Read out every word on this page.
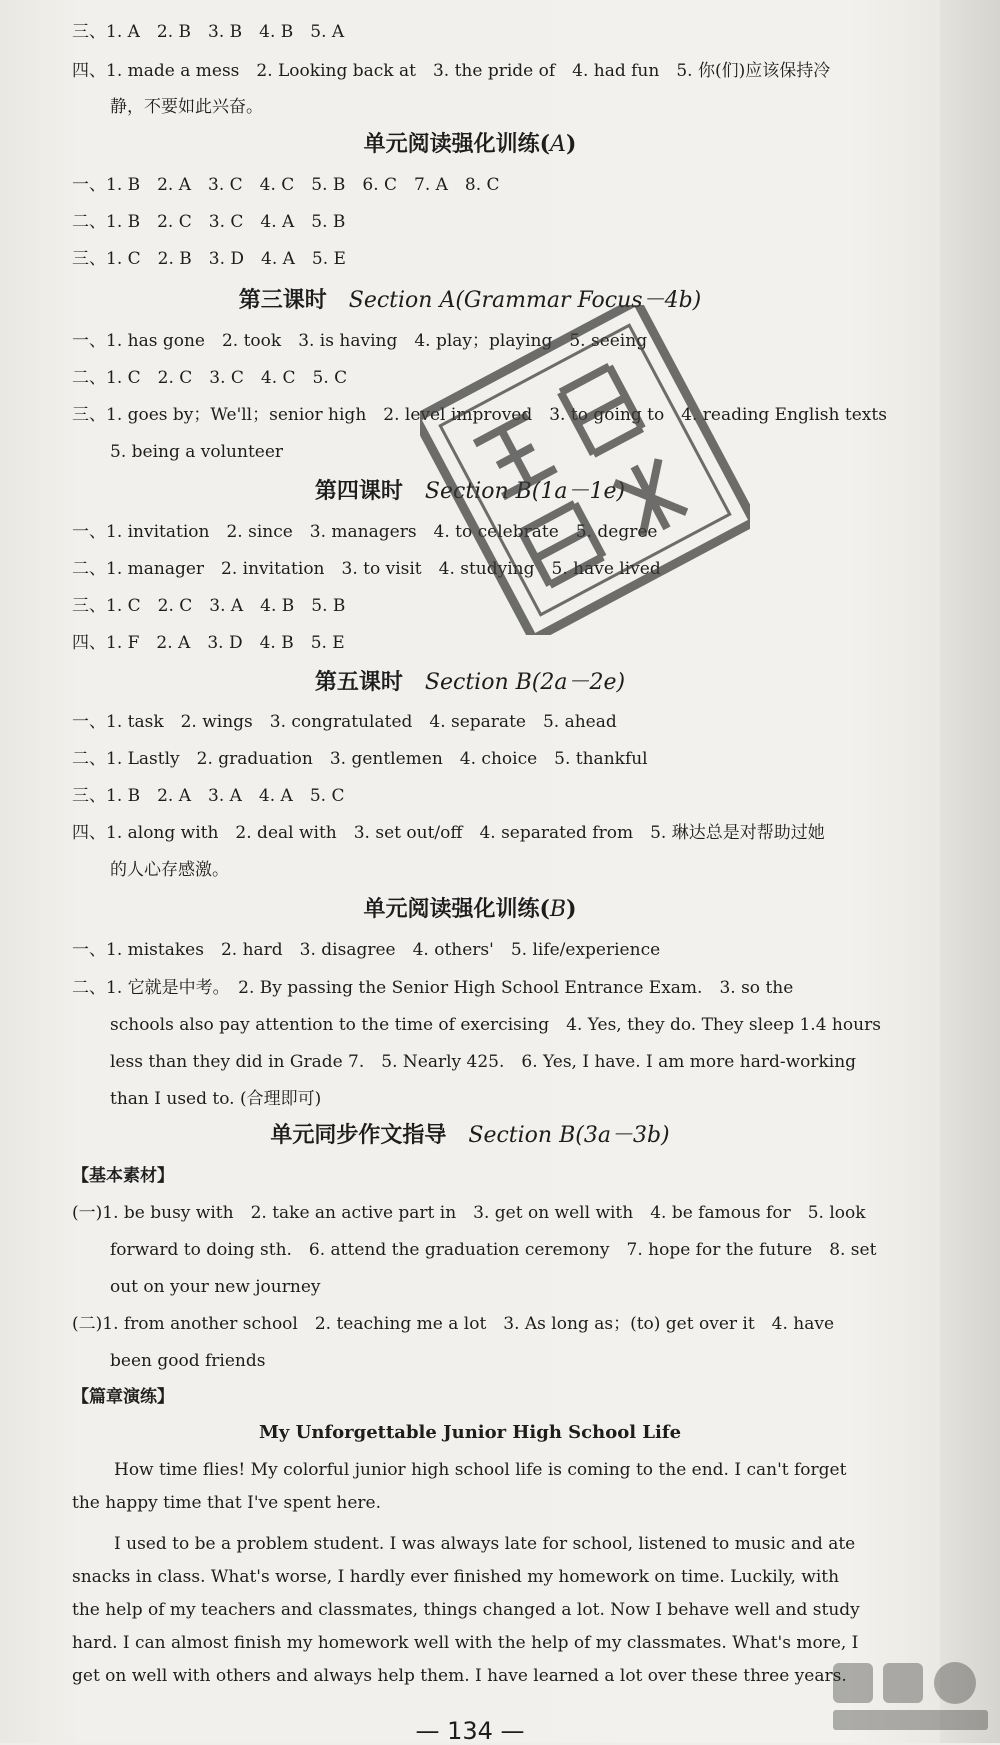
三、1. A　2. B　3. B　4. B　5. A
四、1. made a mess　2. Looking back at　3. the pride of　4. had fun　5. 你(们)应该保持冷
静，不要如此兴奋。
单元阅读强化训练(A)
一、1. B　2. A　3. C　4. C　5. B　6. C　7. A　8. C
二、1. B　2. C　3. C　4. A　5. B
三、1. C　2. B　3. D　4. A　5. E
第三课时　 Section A(Grammar Focus－4b)
一、1. has gone　2. took　3. is having　4. play；playing　5. seeing
二、1. C　2. C　3. C　4. C　5. C
三、1. goes by；We'll；senior high　2. level improved　3. to going to　4. reading English texts
5. being a volunteer
第四课时　 Section B(1a－1e)
一、1. invitation　2. since　3. managers　4. to celebrate　5. degree
二、1. manager　2. invitation　3. to visit　4. studying　5. have lived
三、1. C　2. C　3. A　4. B　5. B
四、1. F　2. A　3. D　4. B　5. E
第五课时　 Section B(2a－2e)
一、1. task　2. wings　3. congratulated　4. separate　5. ahead
二、1. Lastly　2. graduation　3. gentlemen　4. choice　5. thankful
三、1. B　2. A　3. A　4. A　5. C
四、1. along with　2. deal with　3. set out/off　4. separated from　5. 琳达总是对帮助过她
的人心存感激。
单元阅读强化训练(B)
一、1. mistakes　2. hard　3. disagree　4. others'　5. life/experience
二、1. 它就是中考。　2. By passing the Senior High School Entrance Exam.　3. so the
schools also pay attention to the time of exercising　4. Yes, they do. They sleep 1.4 hours
less than they did in Grade 7.　5. Nearly 425.　6. Yes, I have. I am more hard-working
than I used to. (合理即可)
单元同步作文指导　 Section B(3a－3b)
【基本素材】
(一)1. be busy with　2. take an active part in　3. get on well with　4. be famous for　5. look
forward to doing sth.　6. attend the graduation ceremony　7. hope for the future　8. set
out on your new journey
(二)1. from another school　2. teaching me a lot　3. As long as；(to) get over it　4. have
been good friends
【篇章演练】
My Unforgettable Junior High School Life
How time flies! My colorful junior high school life is coming to the end. I can't forget the happy time that I've spent here.
I used to be a problem student. I was always late for school, listened to music and ate snacks in class. What's worse, I hardly ever finished my homework on time. Luckily, with the help of my teachers and classmates, things changed a lot. Now I behave well and study hard. I can almost finish my homework well with the help of my classmates. What's more, I get on well with others and always help them. I have learned a lot over these three years.
— 134 —
